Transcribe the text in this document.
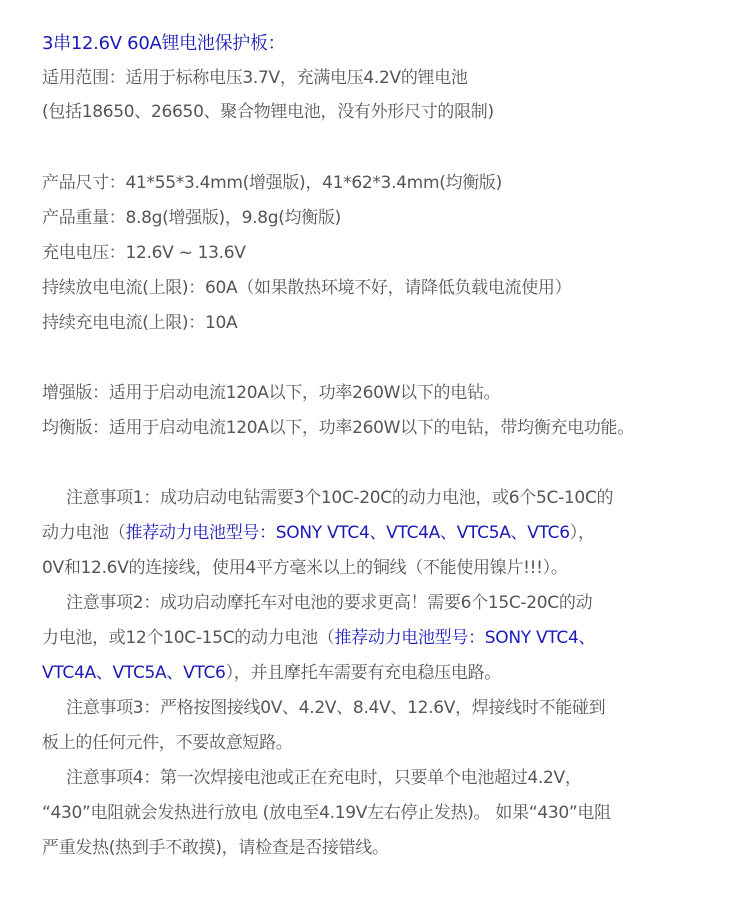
3串12.6V 60A锂电池保护板：
适用范围：适用于标称电压3.7V，充满电压4.2V的锂电池
(包括18650、26650、聚合物锂电池，没有外形尺寸的限制)
产品尺寸：41*55*3.4mm(增强版)，41*62*3.4mm(均衡版)
产品重量：8.8g(增强版)，9.8g(均衡版)
充电电压：12.6V ~ 13.6V
持续放电电流(上限)：60A（如果散热环境不好，请降低负载电流使用）
持续充电电流(上限)：10A
增强版：适用于启动电流120A以下，功率260W以下的电钻。
均衡版：适用于启动电流120A以下，功率260W以下的电钻，带均衡充电功能。
注意事项1：成功启动电钻需要3个10C-20C的动力电池，或6个5C-10C的
动力电池（推荐动力电池型号：SONY VTC4、VTC4A、VTC5A、VTC6），
0V和12.6V的连接线，使用4平方毫米以上的铜线（不能使用镍片!!!）。
注意事项2：成功启动摩托车对电池的要求更高！需要6个15C-20C的动
力电池，或12个10C-15C的动力电池（推荐动力电池型号：SONY VTC4、
VTC4A、VTC5A、VTC6），并且摩托车需要有充电稳压电路。
注意事项3：严格按图接线0V、4.2V、8.4V、12.6V，焊接线时不能碰到
板上的任何元件，不要故意短路。
注意事项4：第一次焊接电池或正在充电时，只要单个电池超过4.2V，
“430”电阻就会发热进行放电 (放电至4.19V左右停止发热)。 如果“430”电阻
严重发热(热到手不敢摸)，请检查是否接错线。
